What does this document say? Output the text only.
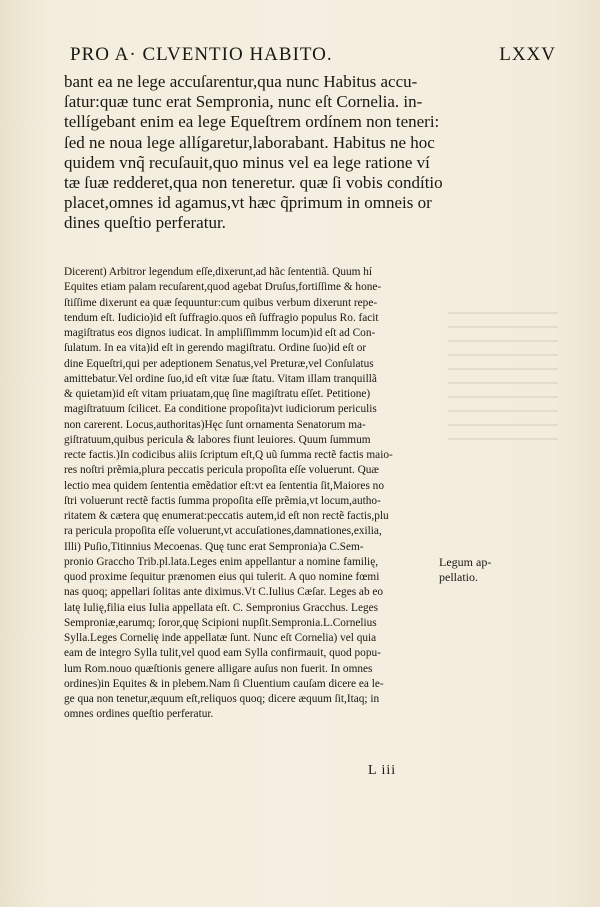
PRO A· CLVENTIO HABITO.	LXXV
bant ea ne lege accuſarentur,qua nunc Habitus accu-
ſatur:quæ tunc erat Sempronia, nunc eſt Cornelia. in-
tellígebant enim ea lege Equeſtrem ordínem non teneri:
ſed ne noua lege allígaretur,laborabant. Habitus ne hoc
quidem vnq̃ recuſauit,quo minus vel ea lege ratione ví
tæ ſuæ redderet,qua non teneretur. quæ ſi vobis condítio
placet,omnes id agamus,vt hæc q̃primum in omneis or
dines queſtio perferatur.
Dicerent) Arbitror legendum eſſe,dixerunt,ad hãc ſententiã. Quum hí
Equites etiam palam recuſarent,quod agebat Druſus,fortiſſime & hone-
ſtiſſime dixerunt ea quæ ſequuntur:cum quibus verbum dixerunt repe-
tendum eſt. Iudicio)id eſt ſuffragio.quos eñ ſuffragio populus Ro. facit
magiſtratus eos dignos iudicat. In ampliſſimmm locum)id eſt ad Con-
ſulatum. In ea vita)id eſt in gerendo magiſtratu. Ordine ſuo)id eſt or
dine Equeſtri,qui per adeptionem Senatus,vel Preturæ,vel Conſulatus
amittebatur.Vel ordine ſuo,id eſt vitæ ſuæ ſtatu. Vitam illam tranquillã
& quietam)id eſt vitam priuatam,quę ſine magiſtratu eſſet. Petitione)
magiſtratuum ſcilicet. Ea conditione propoſita)vt iudiciorum periculis
non carerent. Locus,authoritas)Hęc ſunt ornamenta Senatorum ma-
giſtratuum,quibus pericula & labores fiunt leuiores. Quum ſummum
recte factis.)In codicibus aliis ſcriptum eſt,Q uũ ſumma rectẽ factis maio-
res noſtri prẽmia,plura peccatis pericula propoſita eſſe voluerunt. Quæ
lectio mea quidem ſententia emẽdatior eſt:vt ea ſententia ſit,Maiores no
ſtri voluerunt rectẽ factis ſumma propoſita eſſe prẽmia,vt locum,autho-
ritatem & cætera quę enumerat:peccatis autem,id eſt non rectẽ factis,plu
ra pericula propoſita eſſe voluerunt,vt accuſationes,damnationes,exilia,
Illi) Puſio,Titinnius Mecoenas. Quę tunc erat Sempronia)a C.Sem-
pronio Graccho Trib.pl.lata.Leges enim appellantur a nomine familię,
quod proxime ſequitur prænomen eius qui tulerit. A quo nomine fœmi
nas quoq; appellari ſolitas ante diximus.Vt C.Iulius Cæſar. Leges ab eo
latę Iulię,filia eius Iulia appellata eſt. C. Sempronius Gracchus. Leges
Semproniæ,earumq; ſoror,quę Scipioni nupſit.Sempronia.L.Cornelius
Sylla.Leges Cornelię inde appellatæ ſunt. Nunc eſt Cornelia) vel quia
eam de integro Sylla tulit,vel quod eam Sylla confirmauit, quod popu-
lum Rom.nouo quæſtionis genere alligare auſus non fuerit. In omnes
ordines)in Equites & in plebem.Nam ſi Cluentium cauſam dicere ea le-
ge qua non tenetur,æquum eſt,reliquos quoq; dicere æquum ſit,Itaq; in
omnes ordines queſtio perferatur.
Legum ap-
pellatio.
L iii
